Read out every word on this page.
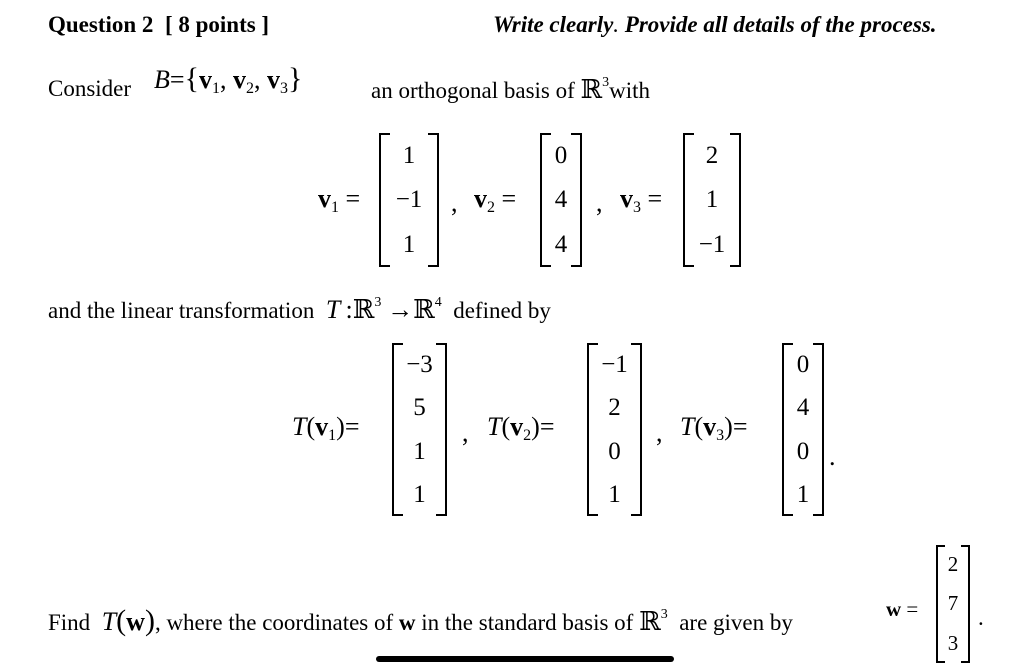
Question 2 [ 8 points ]	Write clearly. Provide all details of the process.
Consider $B=\{v_1$, $v_2$, $v_3$}	an orthogonal basis of ℝ$^3$with
$v_1$ =
1
−1
1
, $v_2$ =
0
4
4
, $v_3$ =
2
1
−1
and the linear transformation T  :ℝ$^3$ →ℝ$^4$ defined by
$T(v_1)=$
−3
5
1
1
, $T(v_2)=$
−1
2
0
1
, $T(v_3)=$
0
4
0
1
.
Find T(w), where the coordinates of w in the standard basis of ℝ$^3$ are given by
w =
2
7
3
.
